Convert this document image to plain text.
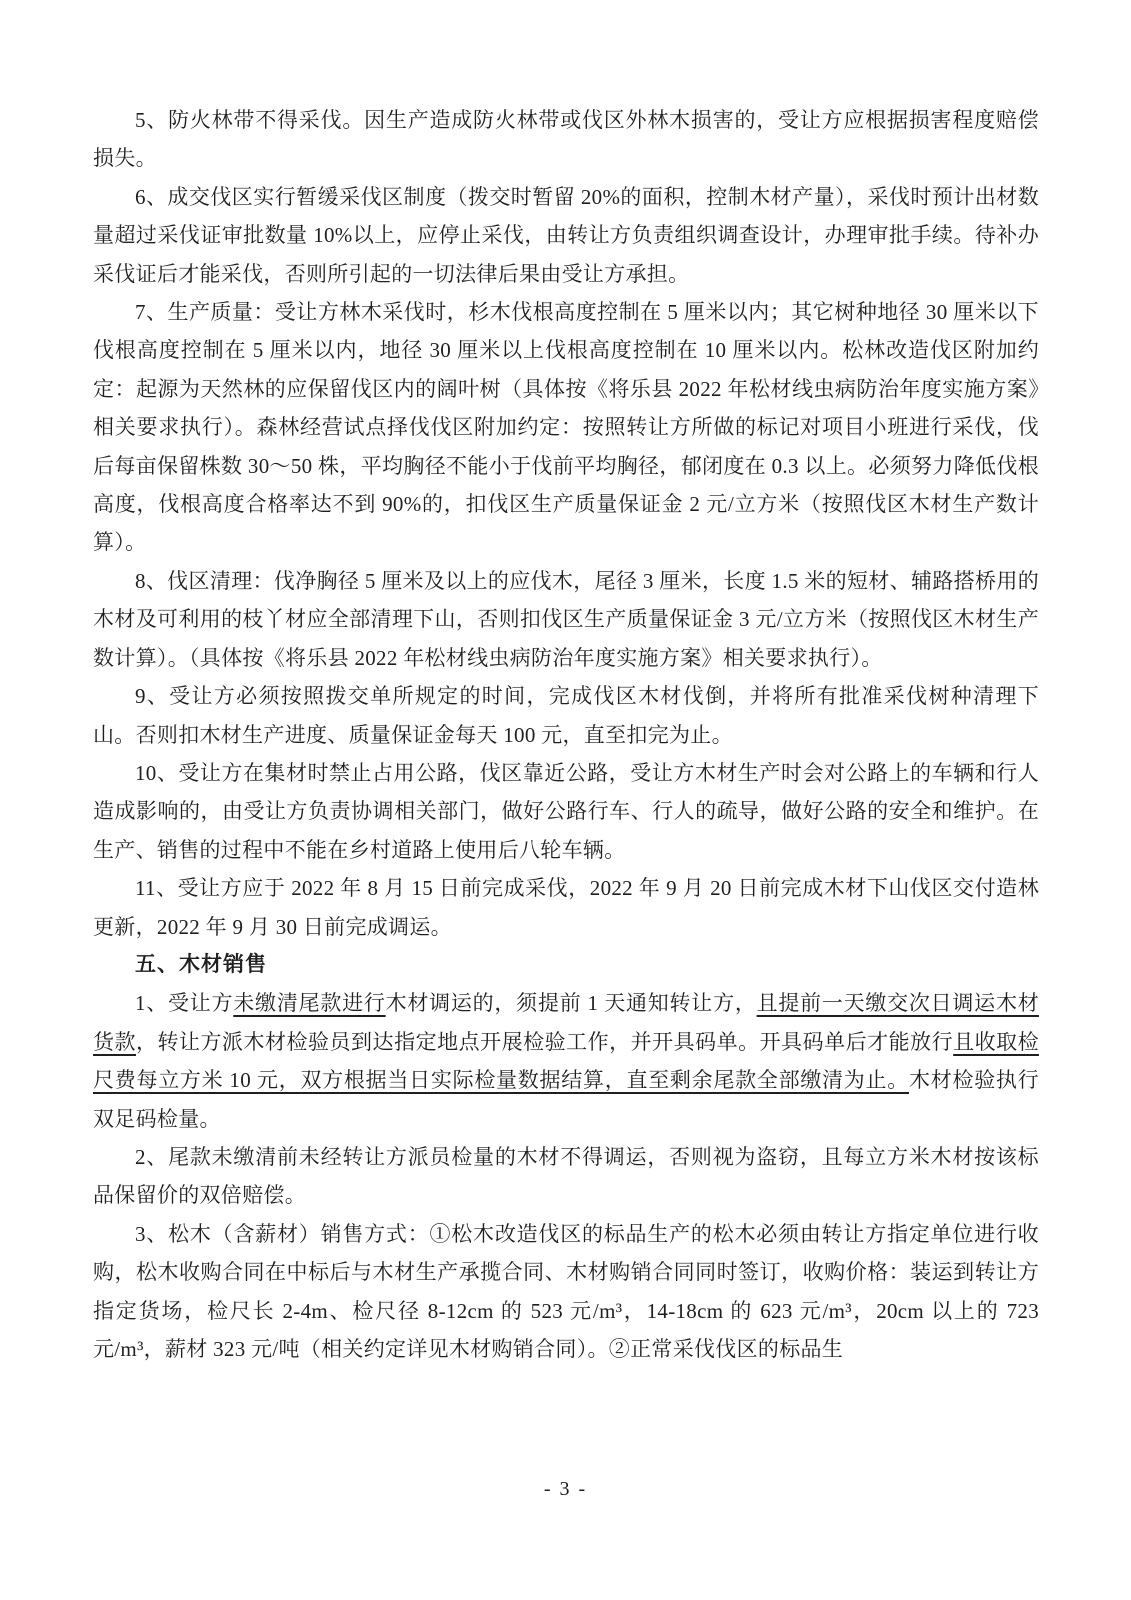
5、防火林带不得采伐。因生产造成防火林带或伐区外林木损害的，受让方应根据损害程度赔偿损失。

6、成交伐区实行暂缓采伐区制度（拨交时暂留 20%的面积，控制木材产量），采伐时预计出材数量超过采伐证审批数量 10%以上，应停止采伐，由转让方负责组织调查设计，办理审批手续。待补办采伐证后才能采伐，否则所引起的一切法律后果由受让方承担。

7、生产质量：受让方林木采伐时，杉木伐根高度控制在 5 厘米以内；其它树种地径 30 厘米以下伐根高度控制在 5 厘米以内，地径 30 厘米以上伐根高度控制在 10 厘米以内。松林改造伐区附加约定：起源为天然林的应保留伐区内的阔叶树（具体按《将乐县 2022 年松材线虫病防治年度实施方案》相关要求执行）。森林经营试点择伐伐区附加约定：按照转让方所做的标记对项目小班进行采伐，伐后每亩保留株数 30～50 株，平均胸径不能小于伐前平均胸径，郁闭度在 0.3 以上。必须努力降低伐根高度，伐根高度合格率达不到 90%的，扣伐区生产质量保证金 2 元/立方米（按照伐区木材生产数计算）。

8、伐区清理：伐净胸径 5 厘米及以上的应伐木，尾径 3 厘米，长度 1.5 米的短材、辅路搭桥用的木材及可利用的枝丫材应全部清理下山，否则扣伐区生产质量保证金 3 元/立方米（按照伐区木材生产数计算）。（具体按《将乐县 2022 年松材线虫病防治年度实施方案》相关要求执行）。

9、受让方必须按照拨交单所规定的时间，完成伐区木材伐倒，并将所有批准采伐树种清理下山。否则扣木材生产进度、质量保证金每天 100 元，直至扣完为止。

10、受让方在集材时禁止占用公路，伐区靠近公路，受让方木材生产时会对公路上的车辆和行人造成影响的，由受让方负责协调相关部门，做好公路行车、行人的疏导，做好公路的安全和维护。在生产、销售的过程中不能在乡村道路上使用后八轮车辆。

11、受让方应于 2022 年 8 月 15 日前完成采伐，2022 年 9 月 20 日前完成木材下山伐区交付造林更新，2022 年 9 月 30 日前完成调运。

五、木材销售

1、受让方未缴清尾款进行木材调运的，须提前 1 天通知转让方，且提前一天缴交次日调运木材货款，转让方派木材检验员到达指定地点开展检验工作，并开具码单。开具码单后才能放行且收取检尺费每立方米 10 元，双方根据当日实际检量数据结算，直至剩余尾款全部缴清为止。木材检验执行双足码检量。

2、尾款未缴清前未经转让方派员检量的木材不得调运，否则视为盗窃，且每立方米木材按该标品保留价的双倍赔偿。

3、松木（含薪材）销售方式：①松木改造伐区的标品生产的松木必须由转让方指定单位进行收购，松木收购合同在中标后与木材生产承揽合同、木材购销合同同时签订，收购价格：装运到转让方指定货场，检尺长 2-4m、检尺径 8-12cm 的 523 元/m³，14-18cm 的 623 元/m³，20cm 以上的 723 元/m³，薪材 323 元/吨（相关约定详见木材购销合同）。②正常采伐伐区的标品生

- 3 -
